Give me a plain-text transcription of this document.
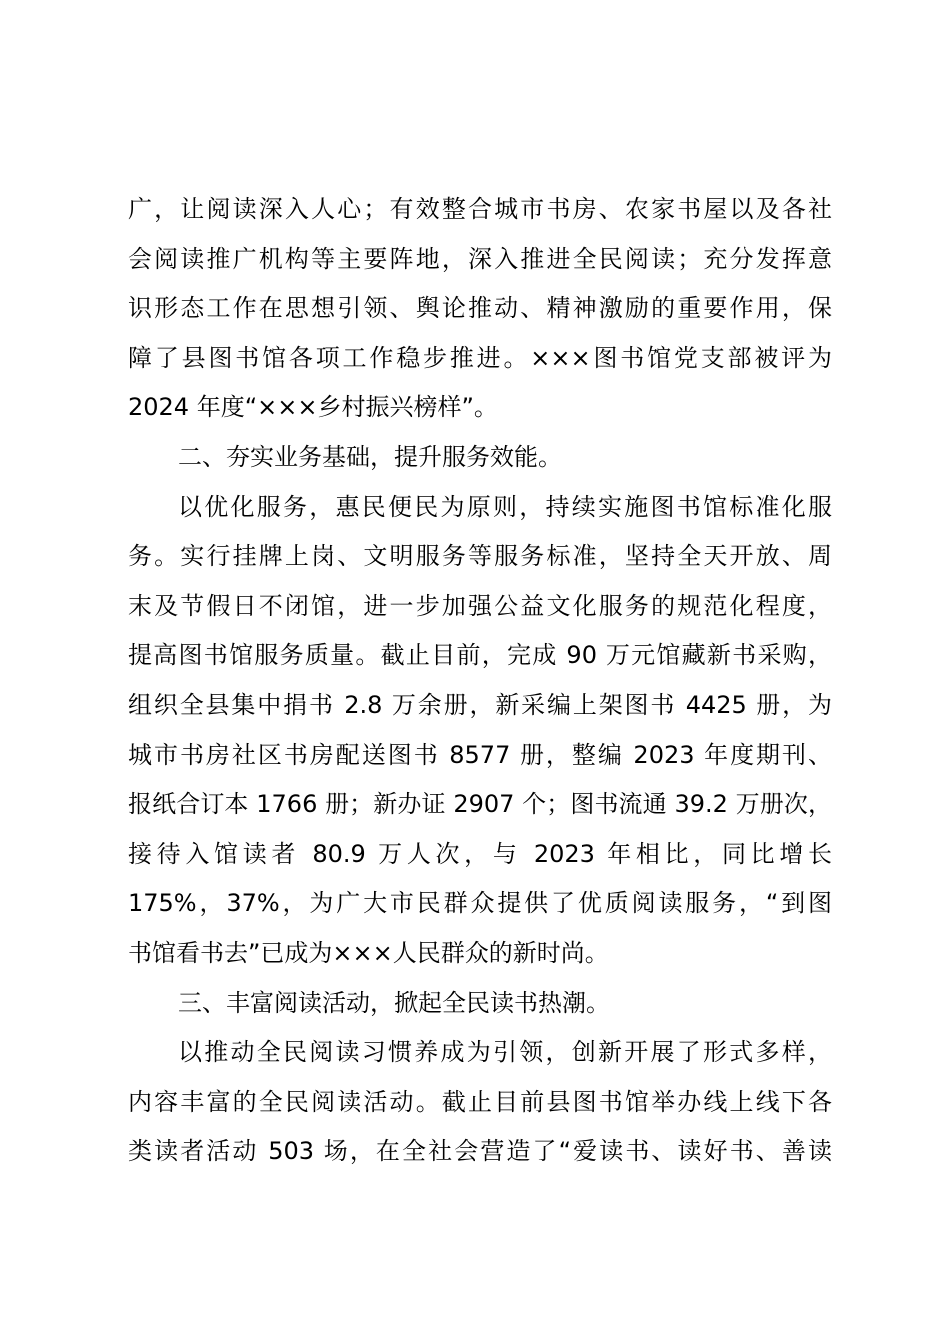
广，让阅读深入人心；有效整合城市书房、农家书屋以及各社
会阅读推广机构等主要阵地，深入推进全民阅读；充分发挥意
识形态工作在思想引领、舆论推动、精神激励的重要作用，保
障了县图书馆各项工作稳步推进。×××图书馆党支部被评为
2024 年度“×××乡村振兴榜样”。
二、夯实业务基础，提升服务效能。
以优化服务，惠民便民为原则，持续实施图书馆标准化服
务。实行挂牌上岗、文明服务等服务标准，坚持全天开放、周
末及节假日不闭馆，进一步加强公益文化服务的规范化程度，
提高图书馆服务质量。截止目前，完成 90 万元馆藏新书采购，
组织全县集中捐书 2.8 万余册，新采编上架图书 4425 册，为
城市书房社区书房配送图书 8577 册，整编 2023 年度期刊、
报纸合订本 1766 册；新办证 2907 个；图书流通 39.2 万册次，
接待入馆读者 80.9 万人次，与 2023 年相比，同比增长
175%，37%，为广大市民群众提供了优质阅读服务，“到图
书馆看书去”已成为×××人民群众的新时尚。
三、丰富阅读活动，掀起全民读书热潮。
以推动全民阅读习惯养成为引领，创新开展了形式多样，
内容丰富的全民阅读活动。截止目前县图书馆举办线上线下各
类读者活动 503 场，在全社会营造了“爱读书、读好书、善读
